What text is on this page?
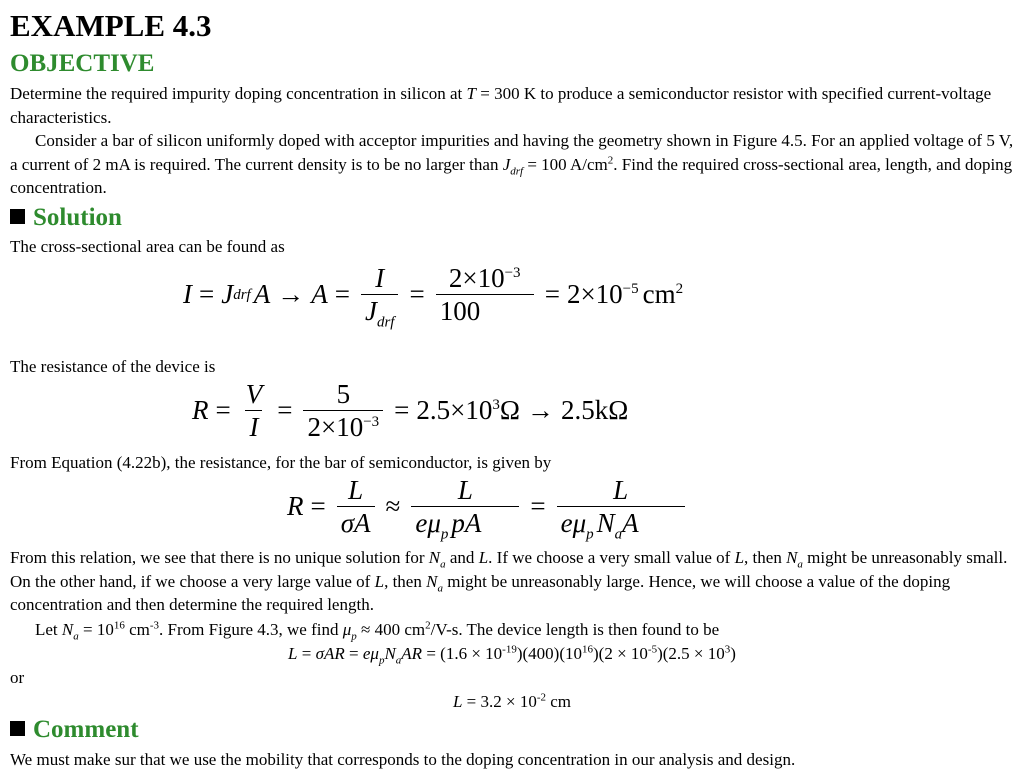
EXAMPLE 4.3
OBJECTIVE
Determine the required impurity doping concentration in silicon at T = 300 K to produce a semiconductor resistor with specified current-voltage characteristics.
Consider a bar of silicon uniformly doped with acceptor impurities and having the geometry shown in Figure 4.5. For an applied voltage of 5 V, a current of 2 mA is required. The current density is to be no larger than $J_{drf} = 100$ $A/cm^2$. Find the required cross-sectional area, length, and doping concentration.
Solution
The cross-sectional area can be found as
I = J drf $A \to A = \frac{I}{J_{drf}} = \frac{2\times 10^{-3}}{100} = 2\times 10^{-5}$ $cm^2$
The resistance of the device is
$R = \frac{V}{I} = \frac{5}{2\times 10^{-3}} = 2.5\times 10^3\Omega \to 2.5k\Omega$
From Equation (4.22b), the resistance, for the bar of semiconductor, is given by
$R = \frac{L}{\sigma A} \approx \frac{L}{e\mu_p pA} = \frac{L}{e\mu_p N_aA}$
From this relation, we see that there is no unique solution for $N_a$ and L. If we choose a very small value of L, then $N_a$ might be unreasonably small. On the other hand, if we choose a very large value of L, then $N_a$ might be unreasonably large. Hence, we will choose a value of the doping concentration and then determine the required length.
Let $N_a = 10^{16}$ $cm^{-3}$. From Figure 4.3, we find $\mu_p \approx 400$ $cm^2/V-s$. The device length is then found to be
$L = \sigma AR = e\mu_pN_aAR = (1.6 \times 10^{-19})(400)(10^{16})(2 \times 10^{-5})(2.5 \times 10^3)$
or
$L = 3.2 \times 10^{-2}$ cm
Comment
We must make sur that we use the mobility that corresponds to the doping concentration in our analysis and design.
